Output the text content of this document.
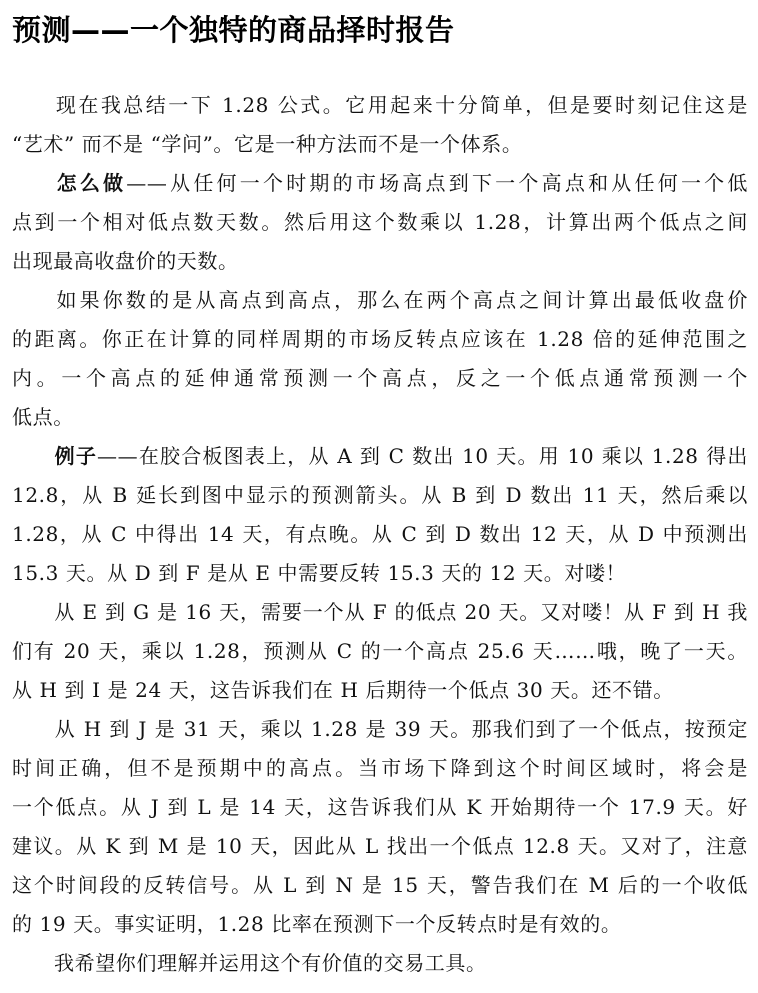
预测——一个独特的商品择时报告

现在我总结一下 1.28 公式。它用起来十分简单，但是要时刻记住这是
“艺术” 而不是 “学问”。它是一种方法而不是一个体系。

怎么做——从任何一个时期的市场高点到下一个高点和从任何一个低
点到一个相对低点数天数。然后用这个数乘以 1.28，计算出两个低点之间
出现最高收盘价的天数。

如果你数的是从高点到高点，那么在两个高点之间计算出最低收盘价
的距离。你正在计算的同样周期的市场反转点应该在 1.28 倍的延伸范围之
内。一个高点的延伸通常预测一个高点，反之一个低点通常预测一个
低点。

例子——在胶合板图表上，从 A 到 C 数出 10 天。用 10 乘以 1.28 得出
12.8，从 B 延长到图中显示的预测箭头。从 B 到 D 数出 11 天，然后乘以
1.28，从 C 中得出 14 天，有点晚。从 C 到 D 数出 12 天，从 D 中预测出
15.3 天。从 D 到 F 是从 E 中需要反转 15.3 天的 12 天。对喽！

从 E 到 G 是 16 天，需要一个从 F 的低点 20 天。又对喽！从 F 到 H 我
们有 20 天，乘以 1.28，预测从 C 的一个高点 25.6 天……哦，晚了一天。
从 H 到 I 是 24 天，这告诉我们在 H 后期待一个低点 30 天。还不错。

从 H 到 J 是 31 天，乘以 1.28 是 39 天。那我们到了一个低点，按预定
时间正确，但不是预期中的高点。当市场下降到这个时间区域时，将会是
一个低点。从 J 到 L 是 14 天，这告诉我们从 K 开始期待一个 17.9 天。好
建议。从 K 到 M 是 10 天，因此从 L 找出一个低点 12.8 天。又对了，注意
这个时间段的反转信号。从 L 到 N 是 15 天，警告我们在 M 后的一个收低
的 19 天。事实证明，1.28 比率在预测下一个反转点时是有效的。

我希望你们理解并运用这个有价值的交易工具。
